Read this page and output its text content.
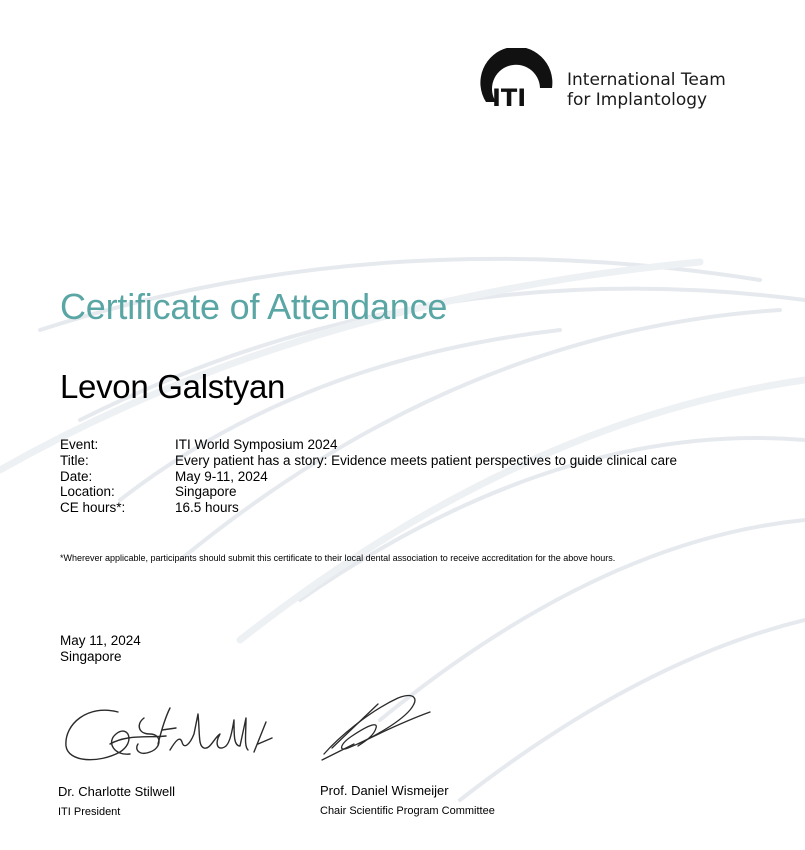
ITI
International Team
for Implantology
Certificate of Attendance
Levon Galstyan
Event:	ITI World Symposium 2024
Title:	Every patient has a story: Evidence meets patient perspectives to guide clinical care
Date:	May 9-11, 2024
Location:	Singapore
CE hours*:	16.5 hours
*Wherever applicable, participants should submit this certificate to their local dental association to receive accreditation for the above hours.
May 11, 2024
Singapore
Dr. Charlotte Stilwell
ITI President
Prof. Daniel Wismeijer
Chair Scientific Program Committee
